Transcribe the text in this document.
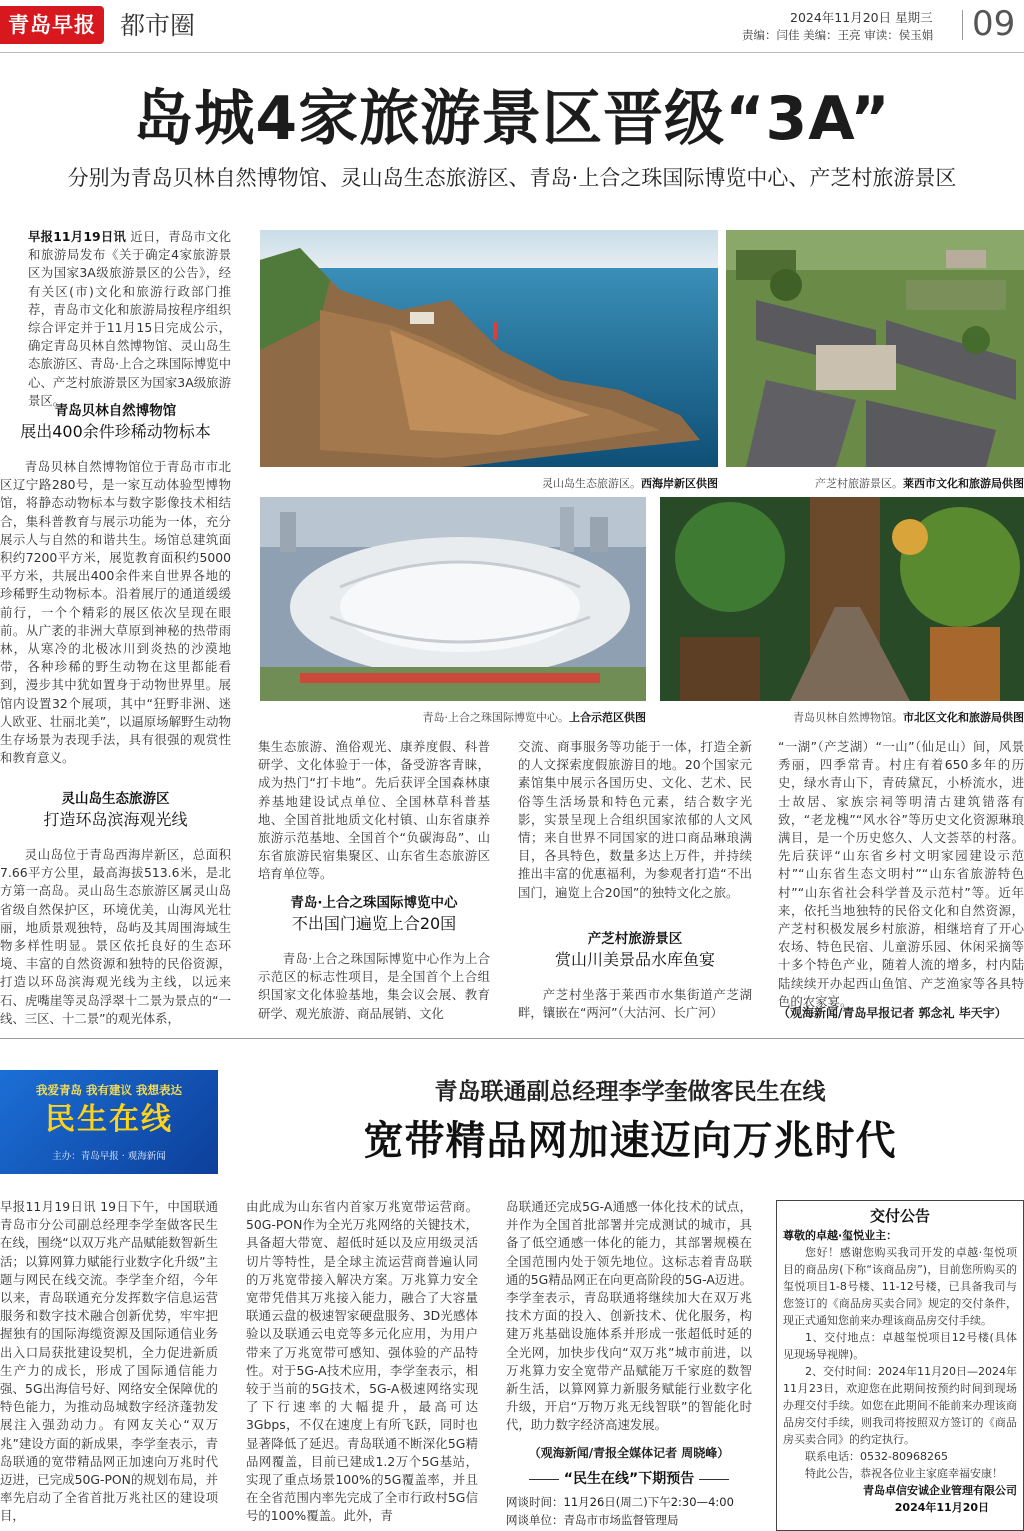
青岛早报 都市圈	2024年11月20日 星期三
责编：闫佳 美编：王亮 审读：侯玉娟 09
岛城4家旅游景区晋级“3A”
分别为青岛贝林自然博物馆、灵山岛生态旅游区、青岛·上合之珠国际博览中心、产芝村旅游景区
早报11月19日讯 近日，青岛市文化和旅游局发布《关于确定4家旅游景区为国家3A级旅游景区的公告》，经有关区(市)文化和旅游行政部门推荐，青岛市文化和旅游局按程序组织综合评定并于11月15日完成公示，确定青岛贝林自然博物馆、灵山岛生态旅游区、青岛·上合之珠国际博览中心、产芝村旅游景区为国家3A级旅游景区。
青岛贝林自然博物馆
展出400余件珍稀动物标本
青岛贝林自然博物馆位于青岛市市北区辽宁路280号，是一家互动体验型博物馆，将静态动物标本与数字影像技术相结合，集科普教育与展示功能为一体，充分展示人与自然的和谐共生。场馆总建筑面积约7200平方米，展览教育面积约5000平方米，共展出400余件来自世界各地的珍稀野生动物标本。沿着展厅的通道缓缓前行，一个个精彩的展区依次呈现在眼前。从广袤的非洲大草原到神秘的热带雨林，从寒冷的北极冰川到炎热的沙漠地带，各种珍稀的野生动物在这里都能看到，漫步其中犹如置身于动物世界里。展馆内设置32个展项，其中“狂野非洲、迷人欧亚、壮丽北美”，以逼原场解野生动物生存场景为表现手法，具有很强的观赏性和教育意义。
灵山岛生态旅游区
打造环岛滨海观光线
灵山岛位于青岛西海岸新区，总面积7.66平方公里，最高海拔513.6米，是北方第一高岛。灵山岛生态旅游区属灵山岛省级自然保护区，环境优美，山海风光壮丽，地质景观独特，岛屿及其周围海域生物多样性明显。景区依托良好的生态环境、丰富的自然资源和独特的民俗资源，打造以环岛滨海观光线为主线，以远来石、虎嘴崖等灵岛浮翠十二景为景点的“一线、三区、十二景”的观光体系，
灵山岛生态旅游区。西海岸新区供图	产芝村旅游景区。莱西市文化和旅游局供图
青岛·上合之珠国际博览中心。上合示范区供图	青岛贝林自然博物馆。市北区文化和旅游局供图
集生态旅游、渔俗观光、康养度假、科普研学、文化体验于一体，备受游客青睐，成为热门“打卡地”。先后获评全国森林康养基地建设试点单位、全国林草科普基地、全国首批地质文化村镇、山东省康养旅游示范基地、全国首个“负碳海岛”、山东省旅游民宿集聚区、山东省生态旅游区培育单位等。
青岛·上合之珠国际博览中心
不出国门遍览上合20国
青岛·上合之珠国际博览中心作为上合示范区的标志性项目，是全国首个上合组织国家文化体验基地，集会议会展、教育研学、观光旅游、商品展销、文化
交流、商事服务等功能于一体，打造全新的人文探索度假旅游目的地。20个国家元素馆集中展示各国历史、文化、艺术、民俗等生活场景和特色元素，结合数字光影，实景呈现上合组织国家浓郁的人文风情；来自世界不同国家的进口商品琳琅满目，各具特色，数量多达上万件，并持续推出丰富的优惠福利，为参观者打造“不出国门，遍览上合20国”的独特文化之旅。
产芝村旅游景区
赏山川美景品水库鱼宴
产芝村坐落于莱西市水集街道产芝湖畔，镶嵌在“两河”（大沽河、长广河）
“一湖”（产芝湖）“一山”（仙足山）间，风景秀丽，四季常青。村庄有着650多年的历史，绿水青山下，青砖黛瓦，小桥流水，进士故居、家族宗祠等明清古建筑错落有致，“老龙槐”“风水谷”等历史文化资源琳琅满目，是一个历史悠久、人文荟萃的村落。先后获评“山东省乡村文明家园建设示范村”“山东省生态文明村”“山东省旅游特色村”“山东省社会科学普及示范村”等。近年来，依托当地独特的民俗文化和自然资源，产芝村积极发展乡村旅游，相继培育了开心农场、特色民宿、儿童游乐园、休闲采摘等十多个特色产业，随着人流的增多，村内陆陆续续开办起西山鱼馆、产芝渔家等各具特色的农家宴。
（观海新闻/青岛早报记者 郭念礼 毕天宇）
我爱青岛 我有建议 我想表达
民生在线
主办：青岛早报 · 观海新闻
青岛联通副总经理李学奎做客民生在线
宽带精品网加速迈向万兆时代
早报11月19日讯 19日下午，中国联通青岛市分公司副总经理李学奎做客民生在线，围绕“以双万兆产品赋能数智新生活；以算网算力赋能行业数字化升级”主题与网民在线交流。李学奎介绍，今年以来，青岛联通充分发挥数字信息运营服务和数字技术融合创新优势，牢牢把握独有的国际海缆资源及国际通信业务出入口局获批建设契机，全力促进新质生产力的成长，形成了国际通信能力强、5G出海信号好、网络安全保障优的特色能力，为推动岛城数字经济蓬勃发展注入强劲动力。有网友关心“双万兆”建设方面的新成果，李学奎表示，青岛联通的宽带精品网正加速向万兆时代迈进，已完成50G-PON的规划布局，并率先启动了全省首批万兆社区的建设项目，
由此成为山东省内首家万兆宽带运营商。50G-PON作为全光万兆网络的关键技术，具备超大带宽、超低时延以及应用级灵活切片等特性，是全球主流运营商普遍认同的万兆宽带接入解决方案。万兆算力安全宽带凭借其万兆接入能力，融合了大容量联通云盘的极速智家硬盘服务、3D光感体验以及联通云电竞等多元化应用，为用户带来了万兆宽带可感知、强体验的产品特性。对于5G-A技术应用，李学奎表示，相较于当前的5G技术，5G-A极速网络实现了下行速率的大幅提升，最高可达3Gbps，不仅在速度上有所飞跃，同时也显著降低了延迟。青岛联通不断深化5G精品网覆盖，目前已建成1.2万个5G基站，实现了重点场景100%的5G覆盖率，并且在全省范围内率先完成了全市行政村5G信号的100%覆盖。此外，青
岛联通还完成5G-A通感一体化技术的试点，并作为全国首批部署并完成测试的城市，具备了低空通感一体化的能力，其部署规模在全国范围内处于领先地位。这标志着青岛联通的5G精品网正在向更高阶段的5G-A迈进。李学奎表示，青岛联通将继续加大在双万兆技术方面的投入、创新技术、优化服务，构建万兆基础设施体系并形成一张超低时延的全光网，加快步伐向“双万兆”城市前进，以万兆算力安全宽带产品赋能万千家庭的数智新生活，以算网算力新服务赋能行业数字化升级，开启“万物万兆无线智联”的智能化时代，助力数字经济高速发展。
（观海新闻/青报全媒体记者 周晓峰）
“民生在线”下期预告
网谈时间：11月26日(周二)下午2:30—4:00
网谈单位：青岛市市场监督管理局
交付公告
尊敬的卓越·玺悦业主：
您好！感谢您购买我司开发的卓越·玺悦项目的商品房(下称“该商品房”)，目前您所购买的玺悦项目1-8号楼、11-12号楼，已具备我司与您签订的《商品房买卖合同》规定的交付条件，现正式通知您前来办理该商品房交付手续。
1、交付地点：卓越玺悦项目12号楼(具体见现场导视牌)。
2、交付时间：2024年11月20日—2024年11月23日，欢迎您在此期间按预约时间到现场办理交付手续。如您在此期间不能前来办理该商品房交付手续，则我司将按照双方签订的《商品房买卖合同》的约定执行。
联系电话：0532-80968265
特此公告，恭祝各位业主家庭幸福安康！
青岛卓信安诚企业管理有限公司
2024年11月20日
